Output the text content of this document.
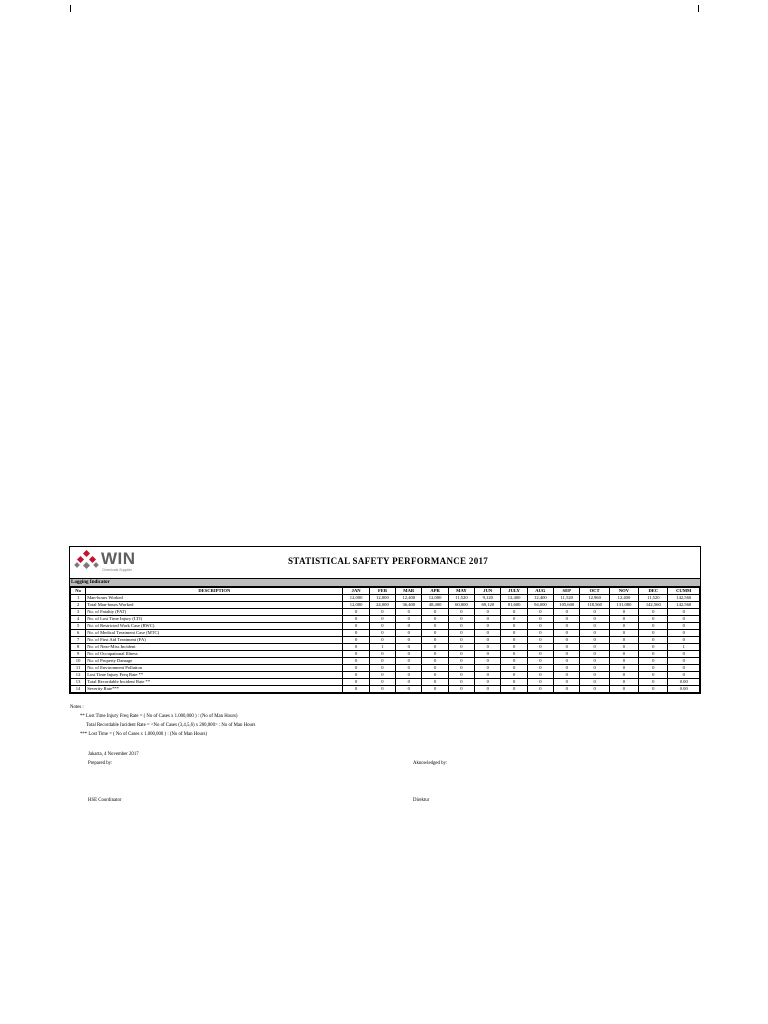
WIN
Chemicals Supplier
STATISTICAL SAFETY PERFORMANCE 2017
Lagging Indicator
No	DESCRIPTION	JAN	FEB	MAR	APR	MAY	JUN	JULY	AUG	SEP	OCT	NOV	DEC	CUMM
1	Man-hours Worked	12,000	12,000	12,400	12,000	11,520	9,120	12,400	12,400	11,520	12,960	12,400	11,520	142,560
2	Total Man-hours Worked	12,000	24,000	36,400	48,400	60,000	69,120	81,600	94,000	105,600	118,560	131,080	142,560	142,560
3	No. of Fatality (FAT)	0	0	0	0	0	0	0	0	0	0	0	0	0
4	No. of Lost Time Injury (LTI)	0	0	0	0	0	0	0	0	0	0	0	0	0
5	No. of Restricted Work Case (RWC)	0	0	0	0	0	0	0	0	0	0	0	0	0
6	No. of Medical Treatment Case (MTC)	0	0	0	0	0	0	0	0	0	0	0	0	0
7	No. of First Aid Treatment (FA)	0	0	0	0	0	0	0	0	0	0	0	0	0
8	No. of Near-Miss Incident	0	1	0	0	0	0	0	0	0	0	0	0	1
9	No. of Occupational Illness	0	0	0	0	0	0	0	0	0	0	0	0	0
10	No. of Property Damage	0	0	0	0	0	0	0	0	0	0	0	0	0
11	No. of Environment Pollution	0	0	0	0	0	0	0	0	0	0	0	0	0
12	Lost Time Injury Freq Rate **	0	0	0	0	0	0	0	0	0	0	0	0	0
13	Total Recordable Incident Rate **	0	0	0	0	0	0	0	0	0	0	0	0	0.00
14	Severity Rate***	0	0	0	0	0	0	0	0	0	0	0	0	0.00
Notes :
** Lost Time Injury Freq Rate = ( No of Cases x 1.000,000 ) : (No of Man Hours)
Total Recordable Incident Rate = <No of Cases (3,4,5,6) x 200,000> : No of Man Hours
*** Lost Time = ( No of Cases x 1.000,000 ) : (No of Man Hours)
Jakarta, 4 November 2017
Prepared by:	Aknowledged by:
HSE Coordinator	Direktur
